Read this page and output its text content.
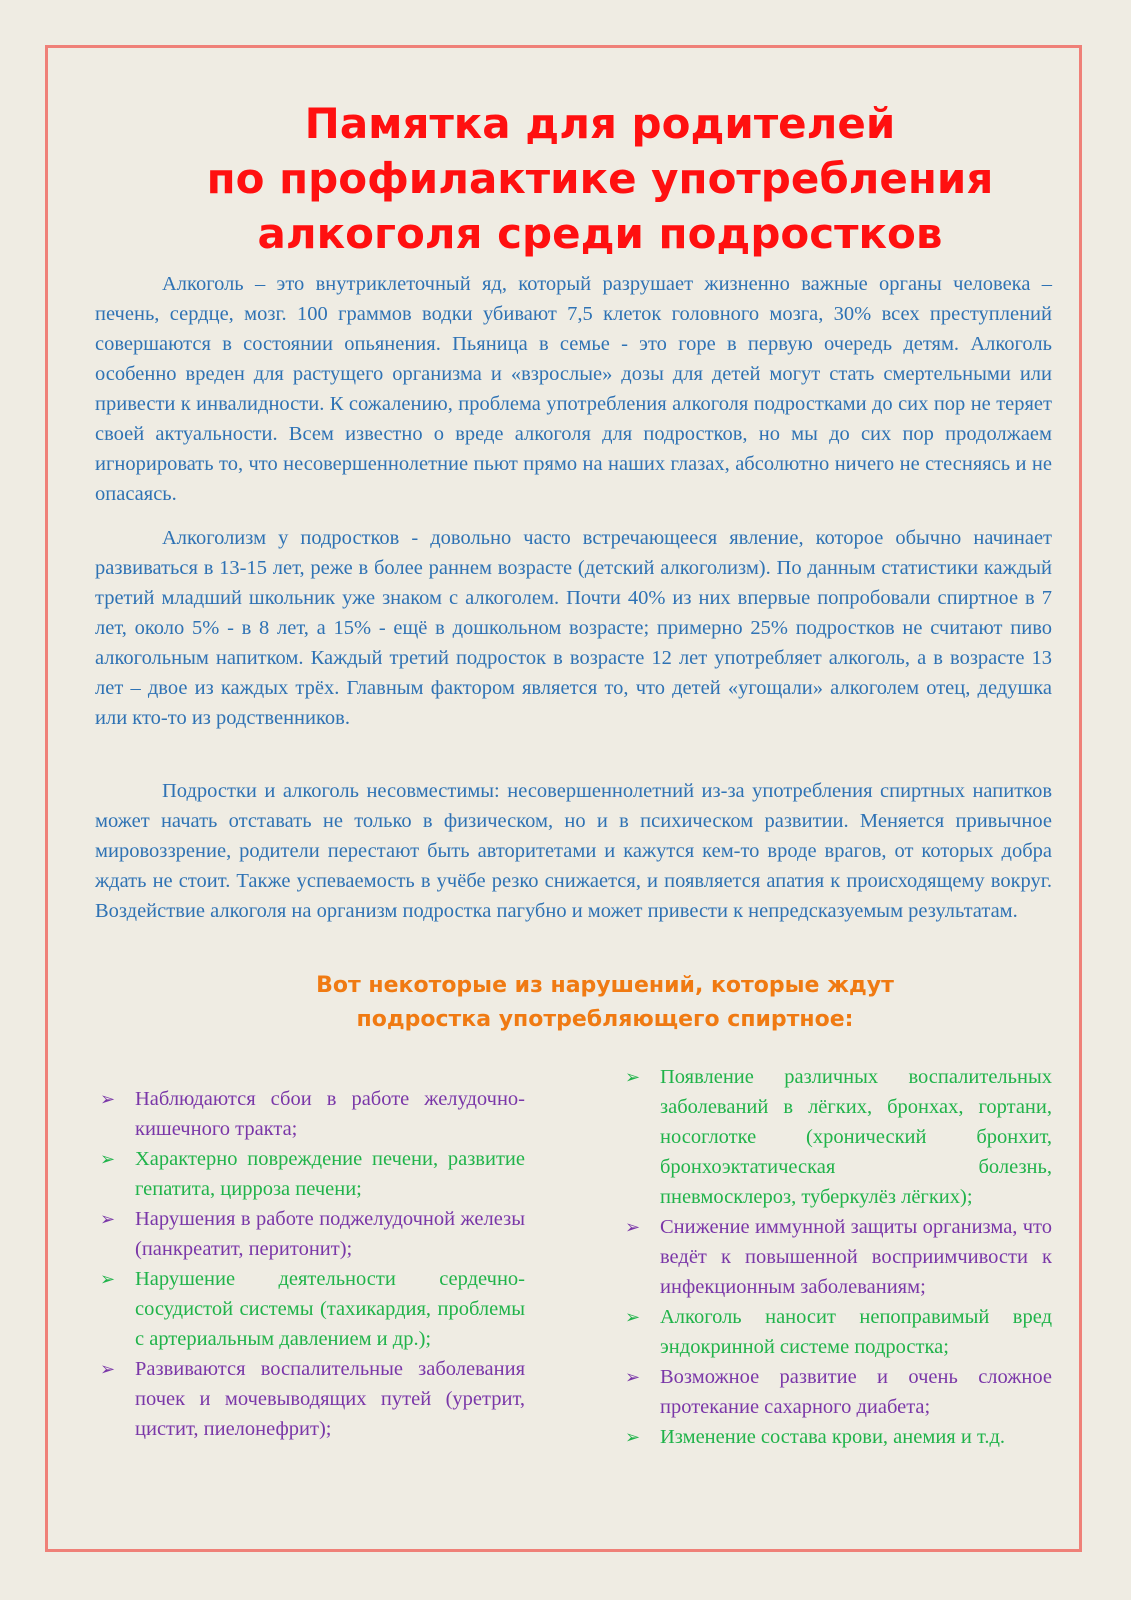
Памятка для родителей
по профилактике употребления
алкоголя среди подростков

Алкоголь – это внутриклеточный яд, который разрушает жизненно важные органы человека – печень, сердце, мозг. 100 граммов водки убивают 7,5 клеток головного мозга, 30% всех преступлений совершаются в состоянии опьянения. Пьяница в семье - это горе в первую очередь детям. Алкоголь особенно вреден для растущего организма и «взрослые» дозы для детей могут стать смертельными или привести к инвалидности. К сожалению, проблема употребления алкоголя подростками до сих пор не теряет своей актуальности. Всем известно о вреде алкоголя для подростков, но мы до сих пор продолжаем игнорировать то, что несовершеннолетние пьют прямо на наших глазах, абсолютно ничего не стесняясь и не опасаясь.

Алкоголизм у подростков - довольно часто встречающееся явление, которое обычно начинает развиваться в 13-15 лет, реже в более раннем возрасте (детский алкоголизм). По данным статистики каждый третий младший школьник уже знаком с алкоголем. Почти 40% из них впервые попробовали спиртное в 7 лет, около 5% - в 8 лет, а 15% - ещё в дошкольном возрасте; примерно 25% подростков не считают пиво алкогольным напитком. Каждый третий подросток в возрасте 12 лет употребляет алкоголь, а в возрасте 13 лет – двое из каждых трёх. Главным фактором является то, что детей «угощали» алкоголем отец, дедушка или кто-то из родственников.

Подростки и алкоголь несовместимы: несовершеннолетний из-за употребления спиртных напитков может начать отставать не только в физическом, но и в психическом развитии. Меняется привычное мировоззрение, родители перестают быть авторитетами и кажутся кем-то вроде врагов, от которых добра ждать не стоит. Также успеваемость в учёбе резко снижается, и появляется апатия к происходящему вокруг. Воздействие алкоголя на организм подростка пагубно и может привести к непредсказуемым результатам.

Вот некоторые из нарушений, которые ждут
подростка употребляющего спиртное:
➢ Наблюдаются сбои в работе желудочно-кишечного тракта;
➢ Характерно повреждение печени, развитие гепатита, цирроза печени;
➢ Нарушения в работе поджелудочной железы (панкреатит, перитонит);
➢ Нарушение деятельности сердечно-сосудистой системы (тахикардия, проблемы с артериальным давлением и др.);
➢ Развиваются воспалительные заболевания почек и мочевыводящих путей (уретрит, цистит, пиелонефрит);
➢ Появление различных воспалительных заболеваний в лёгких, бронхах, гортани, носоглотке (хронический бронхит, бронхоэктатическая болезнь, пневмосклероз, туберкулёз лёгких);
➢ Снижение иммунной защиты организма, что ведёт к повышенной восприимчивости к инфекционным заболеваниям;
➢ Алкоголь наносит непоправимый вред эндокринной системе подростка;
➢ Возможное развитие и очень сложное протекание сахарного диабета;
➢ Изменение состава крови, анемия и т.д.
